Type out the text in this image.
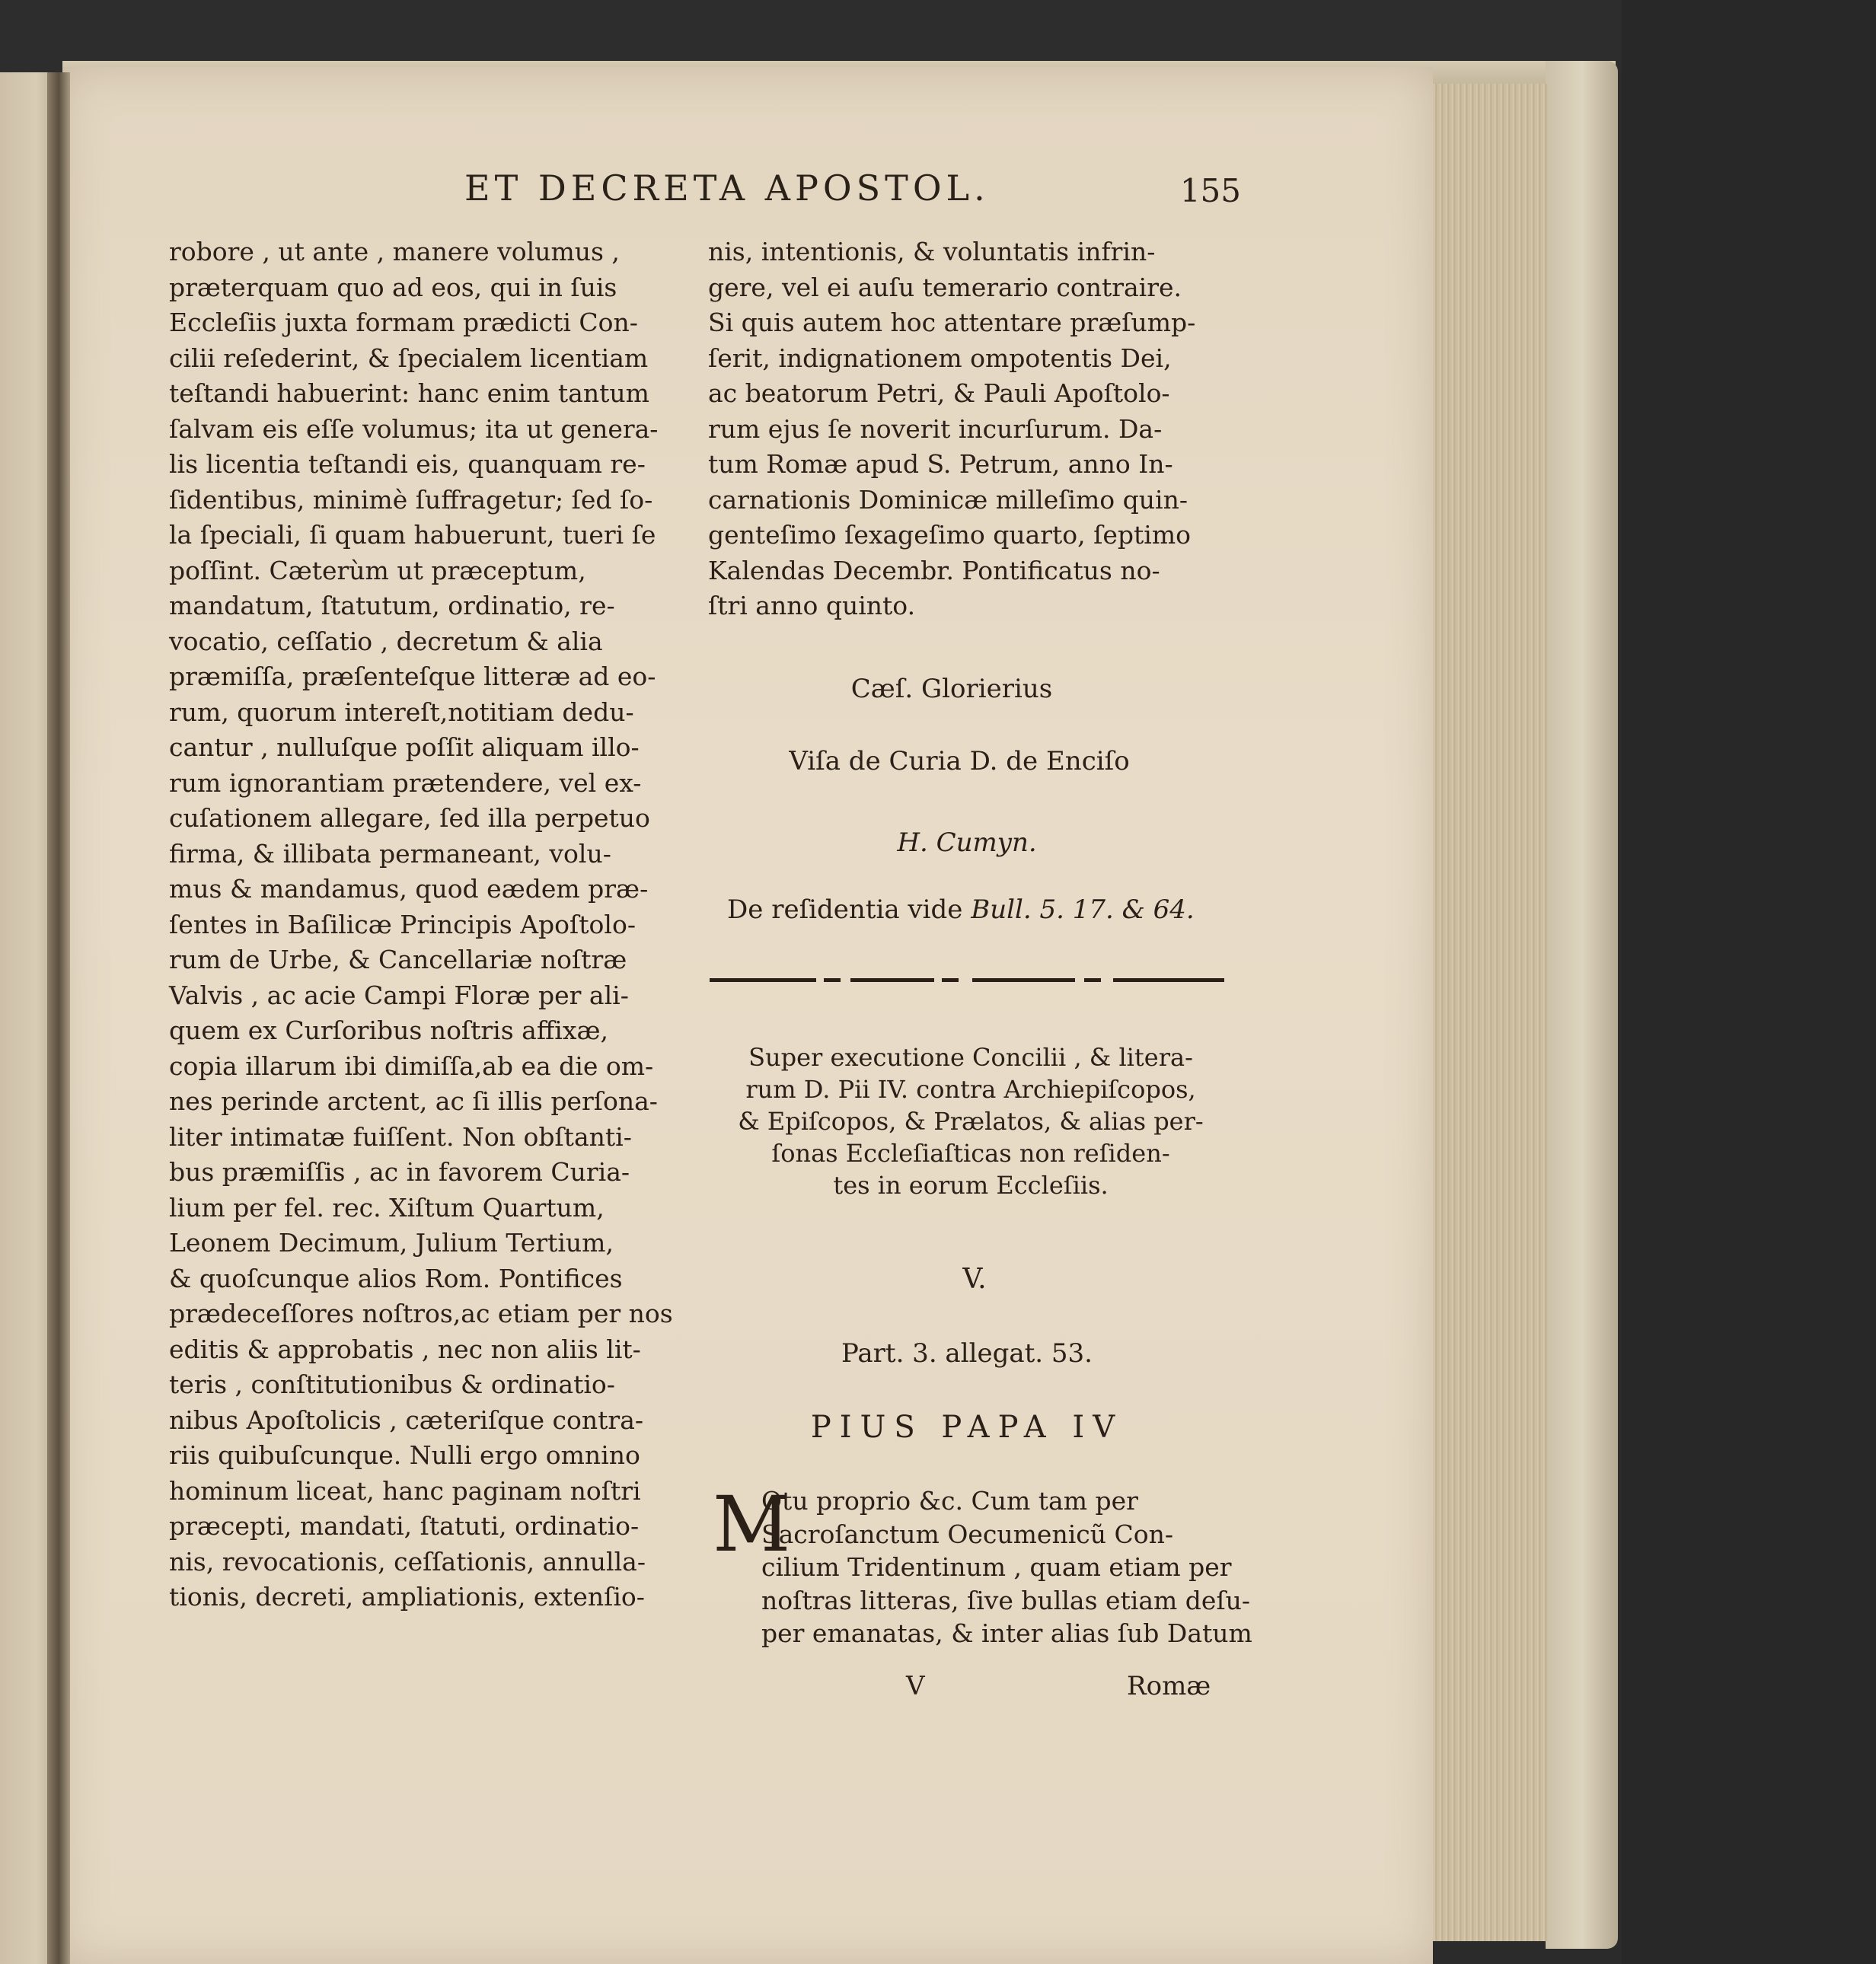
ET DECRETA APOSTOL.	155
robore , ut ante , manere volumus ,
præterquam quo ad eos, qui in ſuis
Eccleſiis juxta formam prædicti Con-
cilii reſederint, & ſpecialem licentiam
teſtandi habuerint: hanc enim tantum
ſalvam eis eſſe volumus; ita ut genera-
lis licentia teſtandi eis, quanquam re-
ſidentibus, minimè ſuffragetur; ſed ſo-
la ſpeciali, ſi quam habuerunt, tueri ſe
poſſint. Cæterùm ut præceptum,
mandatum, ſtatutum, ordinatio, re-
vocatio, ceſſatio , decretum & alia
præmiſſa, præſenteſque litteræ ad eo-
rum, quorum intereſt,notitiam dedu-
cantur , nulluſque poſſit aliquam illo-
rum ignorantiam prætendere, vel ex-
cuſationem allegare, ſed illa perpetuo
firma, & illibata permaneant, volu-
mus & mandamus, quod eædem præ-
ſentes in Baſilicæ Principis Apoſtolo-
rum de Urbe, & Cancellariæ noſtræ
Valvis , ac acie Campi Floræ per ali-
quem ex Curſoribus noſtris affixæ,
copia illarum ibi dimiſſa,ab ea die om-
nes perinde arctent, ac ſi illis perſona-
liter intimatæ fuiſſent. Non obſtanti-
bus præmiſſis , ac in favorem Curia-
lium per fel. rec. Xiſtum Quartum,
Leonem Decimum, Julium Tertium,
& quoſcunque alios Rom. Pontifices
prædeceſſores noſtros,ac etiam per nos
editis & approbatis , nec non aliis lit-
teris , conſtitutionibus & ordinatio-
nibus Apoſtolicis , cæteriſque contra-
riis quibuſcunque. Nulli ergo omnino
hominum liceat, hanc paginam noſtri
præcepti, mandati, ſtatuti, ordinatio-
nis, revocationis, ceſſationis, annulla-
tionis, decreti, ampliationis, extenſio-
nis, intentionis, & voluntatis infrin-
gere, vel ei auſu temerario contraire.
Si quis autem hoc attentare præſump-
ſerit, indignationem ompotentis Dei,
ac beatorum Petri, & Pauli Apoſtolo-
rum ejus ſe noverit incurſurum. Da-
tum Romæ apud S. Petrum, anno In-
carnationis Dominicæ milleſimo quin-
genteſimo ſexageſimo quarto, ſeptimo
Kalendas Decembr. Pontificatus no-
ſtri anno quinto.
Cæſ. Glorierius
Viſa de Curia D. de Enciſo
H. Cumyn.
De reſidentia vide Bull. 5. 17. & 64.
Super executione Concilii , & litera-
rum D. Pii IV. contra Archiepiſcopos,
& Epiſcopos, & Prælatos, & alias per-
ſonas Eccleſiaſticas non reſiden-
tes in eorum Eccleſiis.
V.
Part. 3. allegat. 53.
PIUS PAPA IV
M
Otu proprio &c. Cum tam per
Sacroſanctum Oecumenicũ Con-
cilium Tridentinum , quam etiam per
noſtras litteras, ſive bullas etiam deſu-
per emanatas, & inter alias ſub Datum
V	Romæ
